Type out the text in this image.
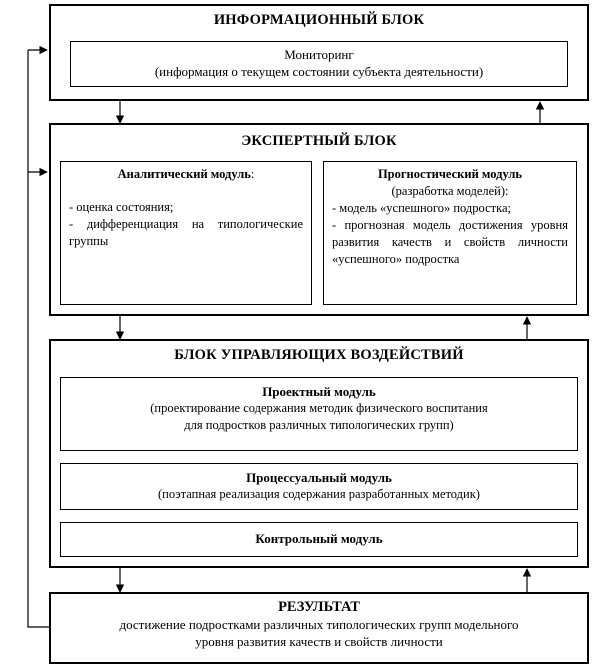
ИНФОРМАЦИОННЫЙ БЛОК
Мониторинг
(информация о текущем состоянии субъекта деятельности)
ЭКСПЕРТНЫЙ БЛОК
Аналитический модуль:
- оценка состояния;
- дифференциация на типологические группы
Прогностический модуль
(разработка моделей):
- модель «успешного» подростка;
- прогнозная модель достижения уровня развития качеств и свойств личности «успешного» подростка
БЛОК УПРАВЛЯЮЩИХ ВОЗДЕЙСТВИЙ
Проектный модуль
(проектирование содержания методик физического воспитания
для подростков различных типологических групп)
Процессуальный модуль
(поэтапная реализация содержания разработанных методик)
Контрольный модуль
РЕЗУЛЬТАТ
достижение подростками различных типологических групп модельного
уровня развития качеств и свойств личности
